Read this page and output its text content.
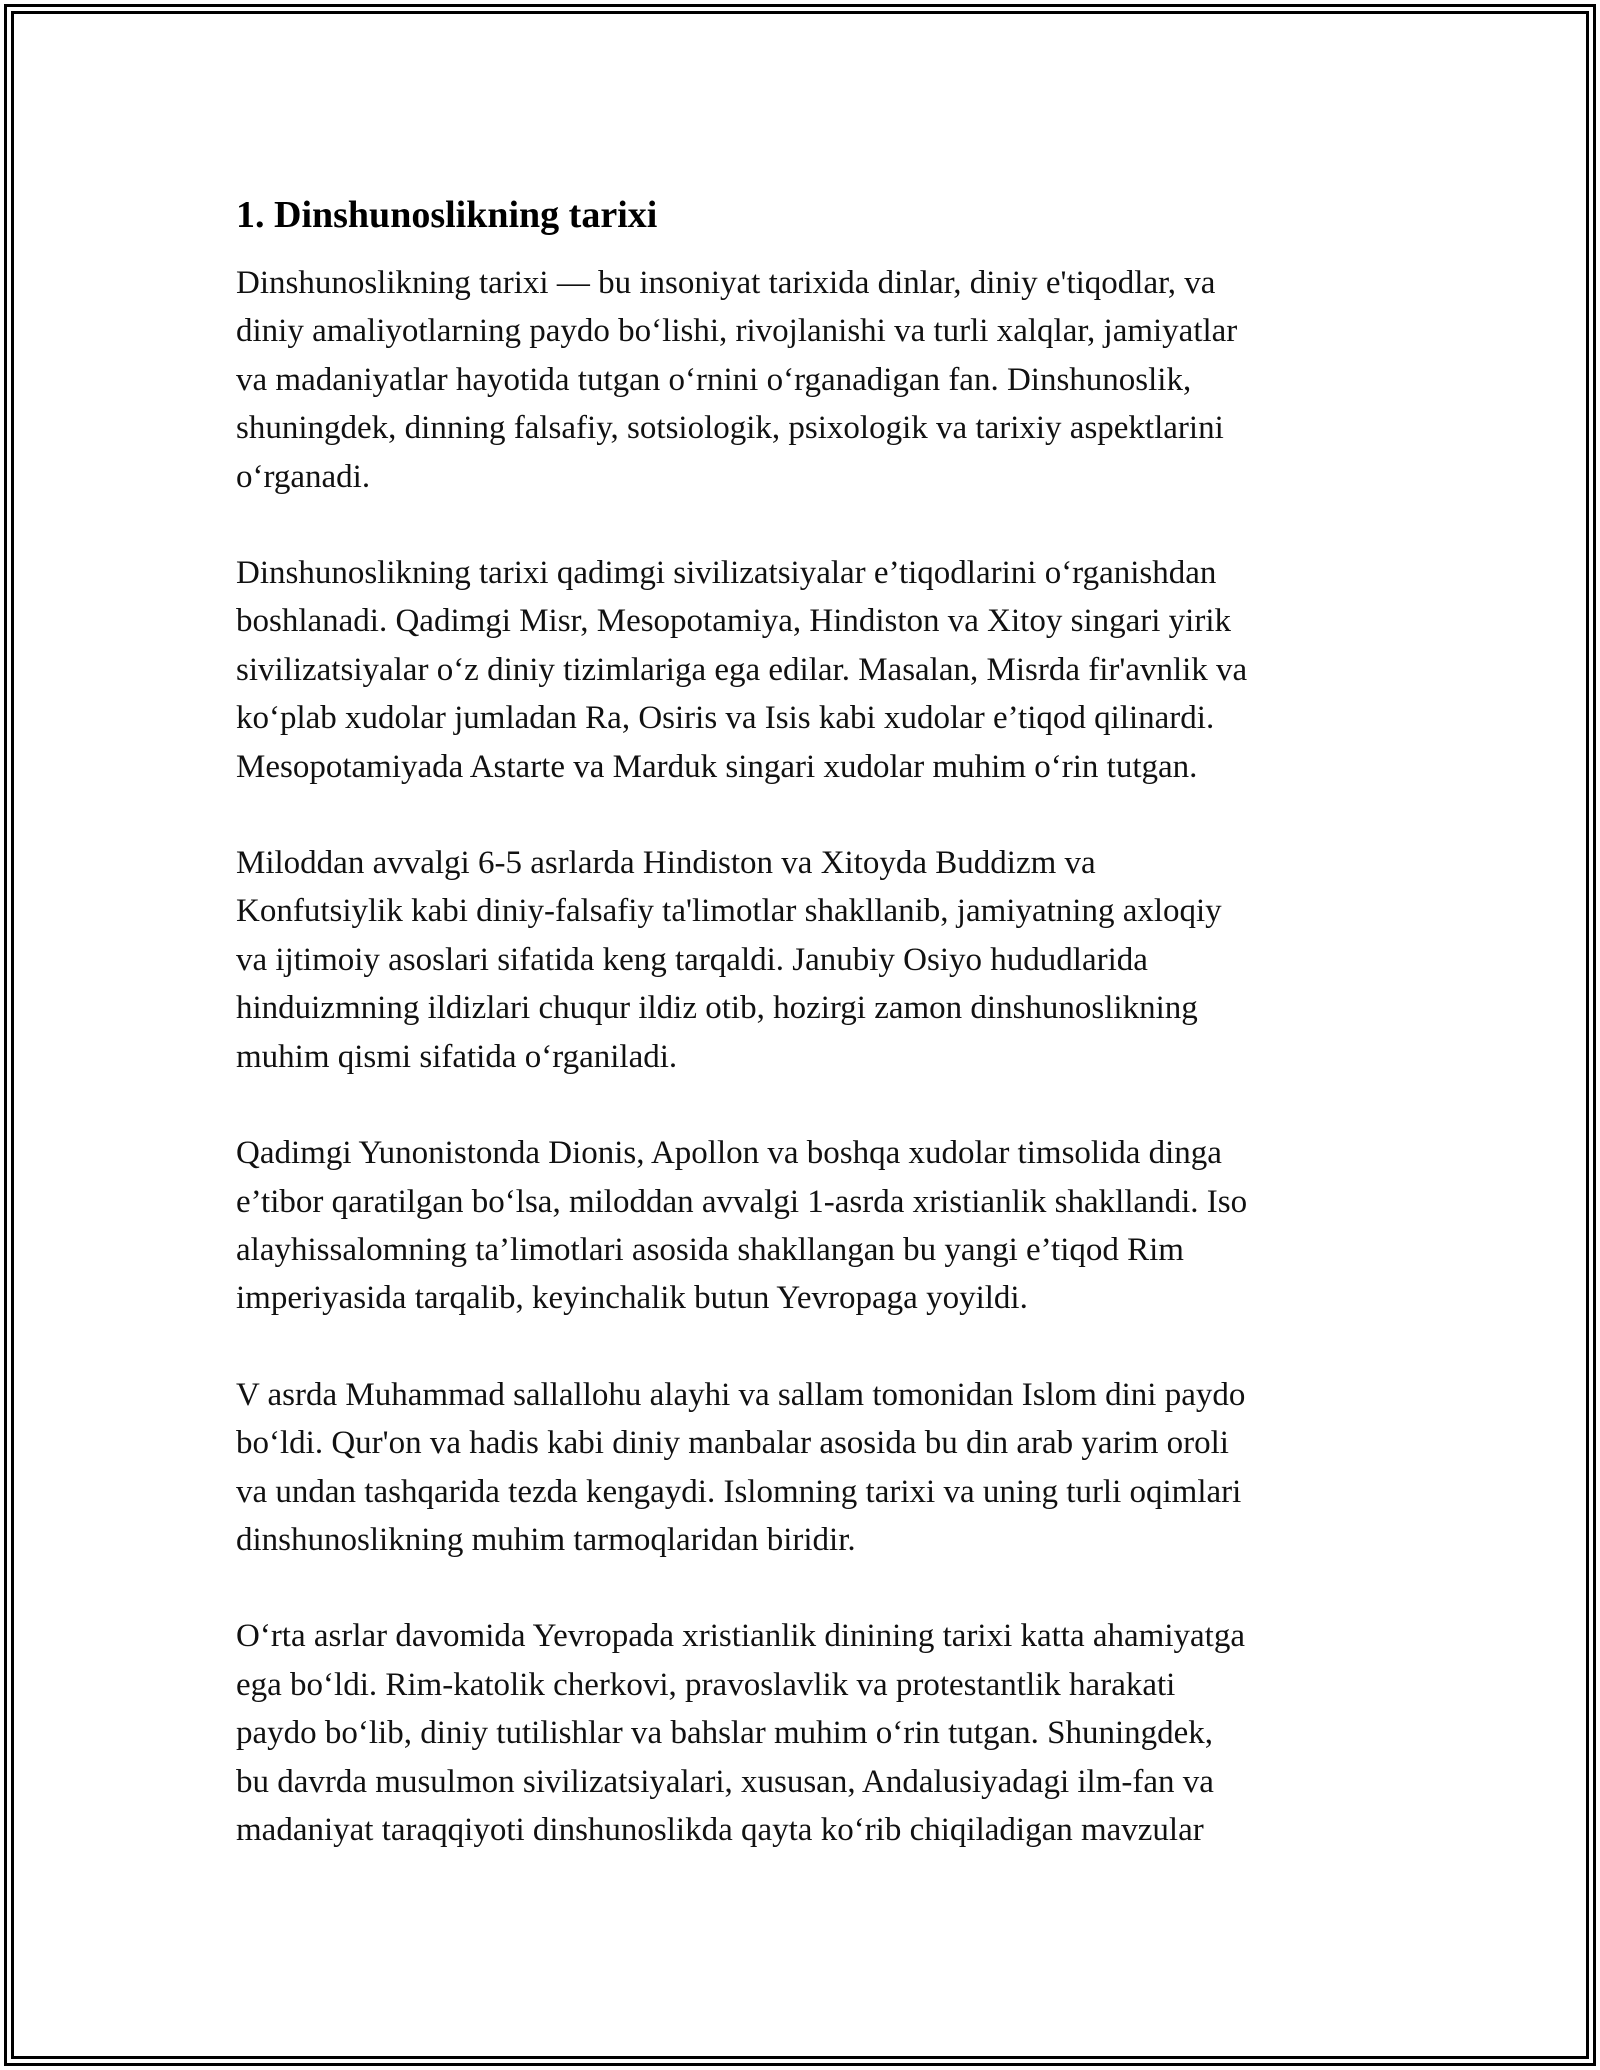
1. Dinshunoslikning tarixi

Dinshunoslikning tarixi — bu insoniyat tarixida dinlar, diniy e'tiqodlar, va
diniy amaliyotlarning paydo boʻlishi, rivojlanishi va turli xalqlar, jamiyatlar
va madaniyatlar hayotida tutgan oʻrnini oʻrganadigan fan. Dinshunoslik,
shuningdek, dinning falsafiy, sotsiologik, psixologik va tarixiy aspektlarini
oʻrganadi.

Dinshunoslikning tarixi qadimgi sivilizatsiyalar e’tiqodlarini oʻrganishdan
boshlanadi. Qadimgi Misr, Mesopotamiya, Hindiston va Xitoy singari yirik
sivilizatsiyalar oʻz diniy tizimlariga ega edilar. Masalan, Misrda fir'avnlik va
koʻplab xudolar jumladan Ra, Osiris va Isis kabi xudolar e’tiqod qilinardi.
Mesopotamiyada Astarte va Marduk singari xudolar muhim oʻrin tutgan.

Miloddan avvalgi 6-5 asrlarda Hindiston va Xitoyda Buddizm va
Konfutsiylik kabi diniy-falsafiy ta'limotlar shakllanib, jamiyatning axloqiy
va ijtimoiy asoslari sifatida keng tarqaldi. Janubiy Osiyo hududlarida
hinduizmning ildizlari chuqur ildiz otib, hozirgi zamon dinshunoslikning
muhim qismi sifatida oʻrganiladi.

Qadimgi Yunonistonda Dionis, Apollon va boshqa xudolar timsolida dinga
e’tibor qaratilgan boʻlsa, miloddan avvalgi 1-asrda xristianlik shakllandi. Iso
alayhissalomning ta’limotlari asosida shakllangan bu yangi e’tiqod Rim
imperiyasida tarqalib, keyinchalik butun Yevropaga yoyildi.

V asrda Muhammad sallallohu alayhi va sallam tomonidan Islom dini paydo
boʻldi. Qur'on va hadis kabi diniy manbalar asosida bu din arab yarim oroli
va undan tashqarida tezda kengaydi. Islomning tarixi va uning turli oqimlari
dinshunoslikning muhim tarmoqlaridan biridir.

Oʻrta asrlar davomida Yevropada xristianlik dinining tarixi katta ahamiyatga
ega boʻldi. Rim-katolik cherkovi, pravoslavlik va protestantlik harakati
paydo boʻlib, diniy tutilishlar va bahslar muhim oʻrin tutgan. Shuningdek,
bu davrda musulmon sivilizatsiyalari, xususan, Andalusiyadagi ilm-fan va
madaniyat taraqqiyoti dinshunoslikda qayta koʻrib chiqiladigan mavzular
